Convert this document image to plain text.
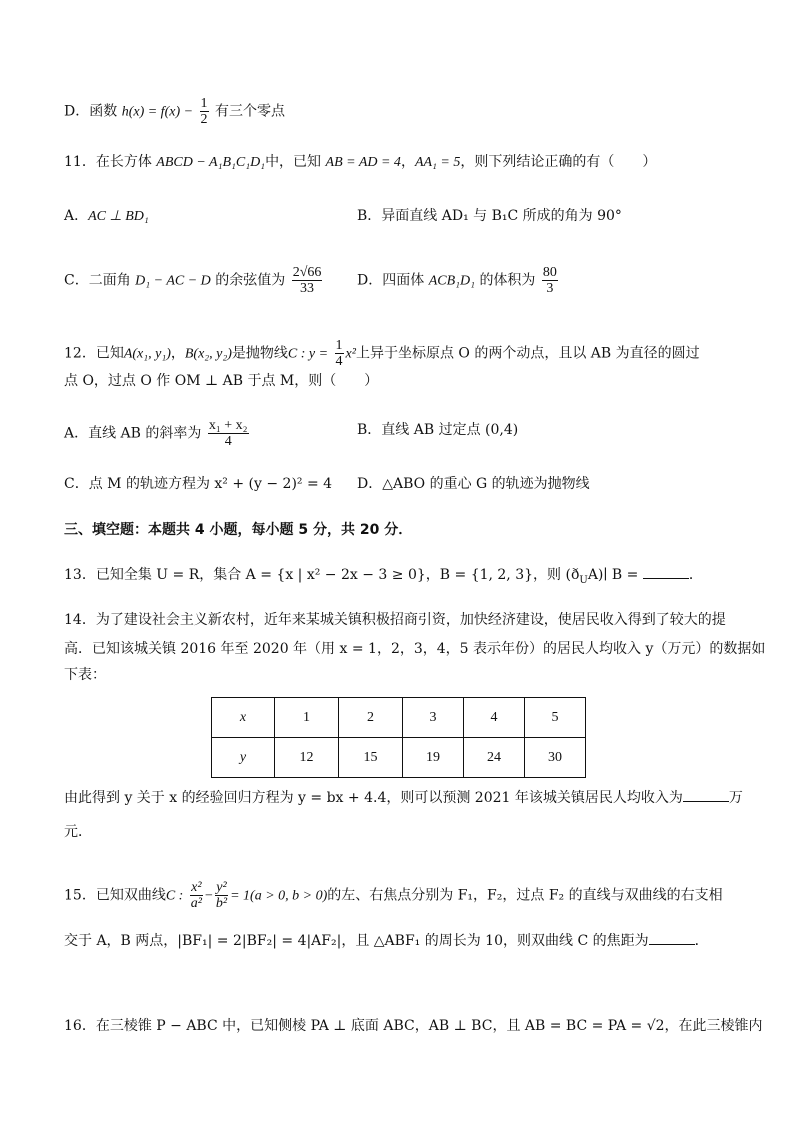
D．函数 $h(x) = f(x) - \frac{1}{2}$ 有三个零点
11．在长方体 ABCD − A₁B₁C₁D₁中，已知 AB = AD = 4，AA₁ = 5，则下列结论正确的有（　　）
A．AC ⊥ BD₁	B．异面直线 AD₁ 与 B₁C 所成的角为 90°
C．二面角 D₁ − AC − D 的余弦值为 $\frac{2√66}{33}$ D．四面体 ACB₁D₁ 的体积为 $\frac{80}{3}$
12．已知A(x₁, y₁)，B(x₂, y₂)是抛物线C : $y = \frac{1}{4} x^2$上异于坐标原点 O 的两个动点，且以 AB 为直径的圆过
点 O，过点 O 作 OM ⊥ AB 于点 M，则（　　）
A．直线 AB 的斜率为 $\frac{\text{x₁ + x₂}}{4}$	B．直线 AB 过定点 (0,4)
C．点 M 的轨迹方程为 x² + (y − 2)² = 4 D．△ABO 的重心 G 的轨迹为抛物线
三、填空题：本题共 4 小题，每小题 5 分，共 20 分．
13．已知全集 U = R，集合 A = {x | x² − 2x − 3 ≥ 0}，B = {1, 2, 3}，则 $(ð_UA)∣$ B =	．
14．为了建设社会主义新农村，近年来某城关镇积极招商引资，加快经济建设，使居民收入得到了较大的提
高．已知该城关镇 2016 年至 2020 年（用 x = 1，2，3，4，5 表示年份）的居民人均收入 y（万元）的数据如
下表：
x	1	2	3	4	5
y	12	15	19	24	30
由此得到 y 关于 x 的经验回归方程为 y = bx + 4.4，则可以预测 2021 年该城关镇居民人均收入为	万
元．
15．已知双曲线C : $\frac{\text{x²}}{\text{a²}} - \frac{\text{y²}}{\text{b²}} = 1(a > 0$, b > 0)的左、右焦点分别为 F₁，F₂，过点 F₂ 的直线与双曲线的右支相
交于 A，B 两点，|BF₁| = 2|BF₂| = 4|AF₂|，且 △ABF₁ 的周长为 10，则双曲线 C 的焦距为	．
16．在三棱锥 P − ABC 中，已知侧棱 PA ⊥ 底面 ABC，AB ⊥ BC，且 AB = BC = PA = √2，在此三棱锥内
